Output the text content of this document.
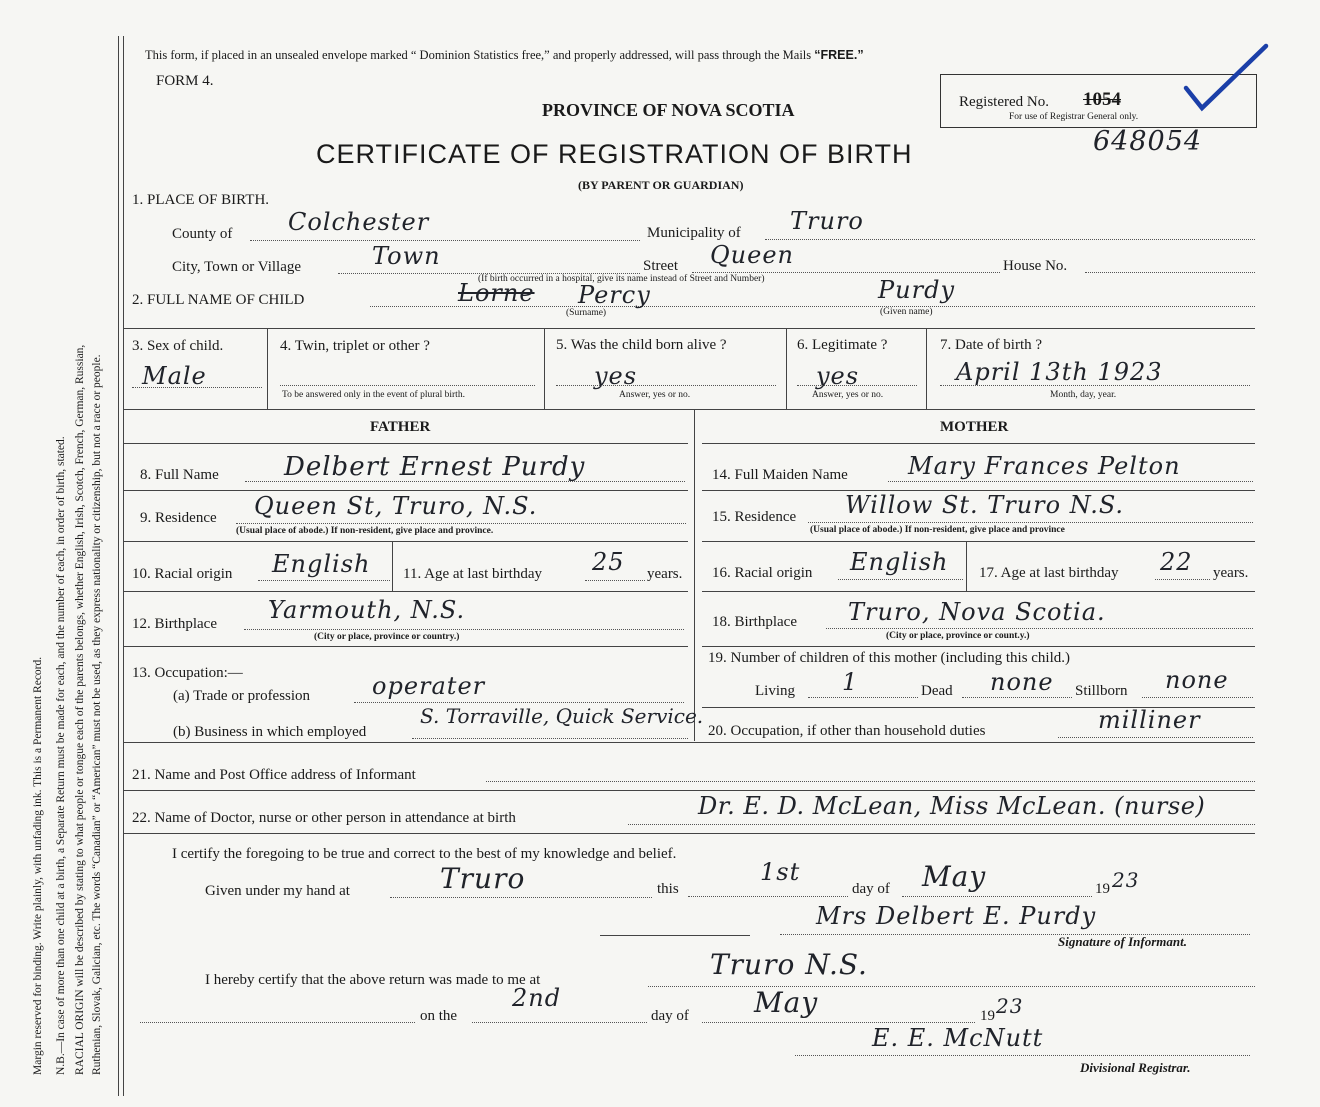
Margin reserved for binding. Write plainly, with unfading ink. This is a Permanent Record. N.B.—In case of more than one child at a birth, a Separate Return must be made for each, and the number of each, in order of birth, stated. RACIAL ORIGIN will be described by stating to what people or tongue each of the parents belongs, whether English, Irish, Scotch, French, German, Russian, Ruthenian, Slovak, Galician, etc. The words “Canadian” or “American” must not be used, as they express nationality or citizenship, but not a race or people.
This form, if placed in an unsealed envelope marked “ Dominion Statistics free,” and properly addressed, will pass through the Mails “FREE.”
FORM 4.
PROVINCE OF NOVA SCOTIA
CERTIFICATE OF REGISTRATION OF BIRTH
(BY PARENT OR GUARDIAN)
Registered No. 1054
For use of Registrar General only.
648054
1. PLACE OF BIRTH.
County of Colchester	Municipality of Truro
City, Town or Village	Town	Street Queen	House No.
(If birth occurred in a hospital, give its name instead of Street and Number)
2. FULL NAME OF CHILD	Lorne Percy	Purdy
(Surname)	(Given name)
3. Sex of child.
Male
4. Twin, triplet or other ?
To be answered only in the event of plural birth.
5. Was the child born alive ?
yes
Answer, yes or no.
6. Legitimate ?
yes
Answer, yes or no.
7. Date of birth ?
April 13th 1923
Month, day, year.
FATHER	MOTHER
8. Full Name	Delbert Ernest Purdy	14. Full Maiden Name	Mary Frances Pelton
9. Residence Queen St, Truro, N.S.
(Usual place of abode.) If non-resident, give place and province.
15. Residence Willow St. Truro N.S.
(Usual place of abode.) If non-resident, give place and province
10. Racial origin English 11. Age at last birthday 25 years. 16. Racial origin English 17. Age at last birthday 22 years.
12. Birthplace Yarmouth, N.S.
(City or place, province or country.)
18. Birthplace Truro, Nova Scotia.
(City or place, province or count.y.)
13. Occupation:—
(a) Trade or profession	operater
(b) Business in which employed
S. Torraville, Quick Service.
19. Number of children of this mother (including this child.)
Living 1	Dead none Stillborn none
20. Occupation, if other than household duties	milliner
21. Name and Post Office address of Informant
22. Name of Doctor, nurse or other person in attendance at birth	Dr. E. D. McLean, Miss McLean. (nurse)
I certify the foregoing to be true and correct to the best of my knowledge and belief.
Given under my hand at	Truro	this
1st
day of May	19 23
Mrs Delbert E. Purdy
Signature of Informant.
I hereby certify that the above return was made to me at	Truro N.S.
on the
2nd
day of May	19 23
E. E. McNutt
Divisional Registrar.
